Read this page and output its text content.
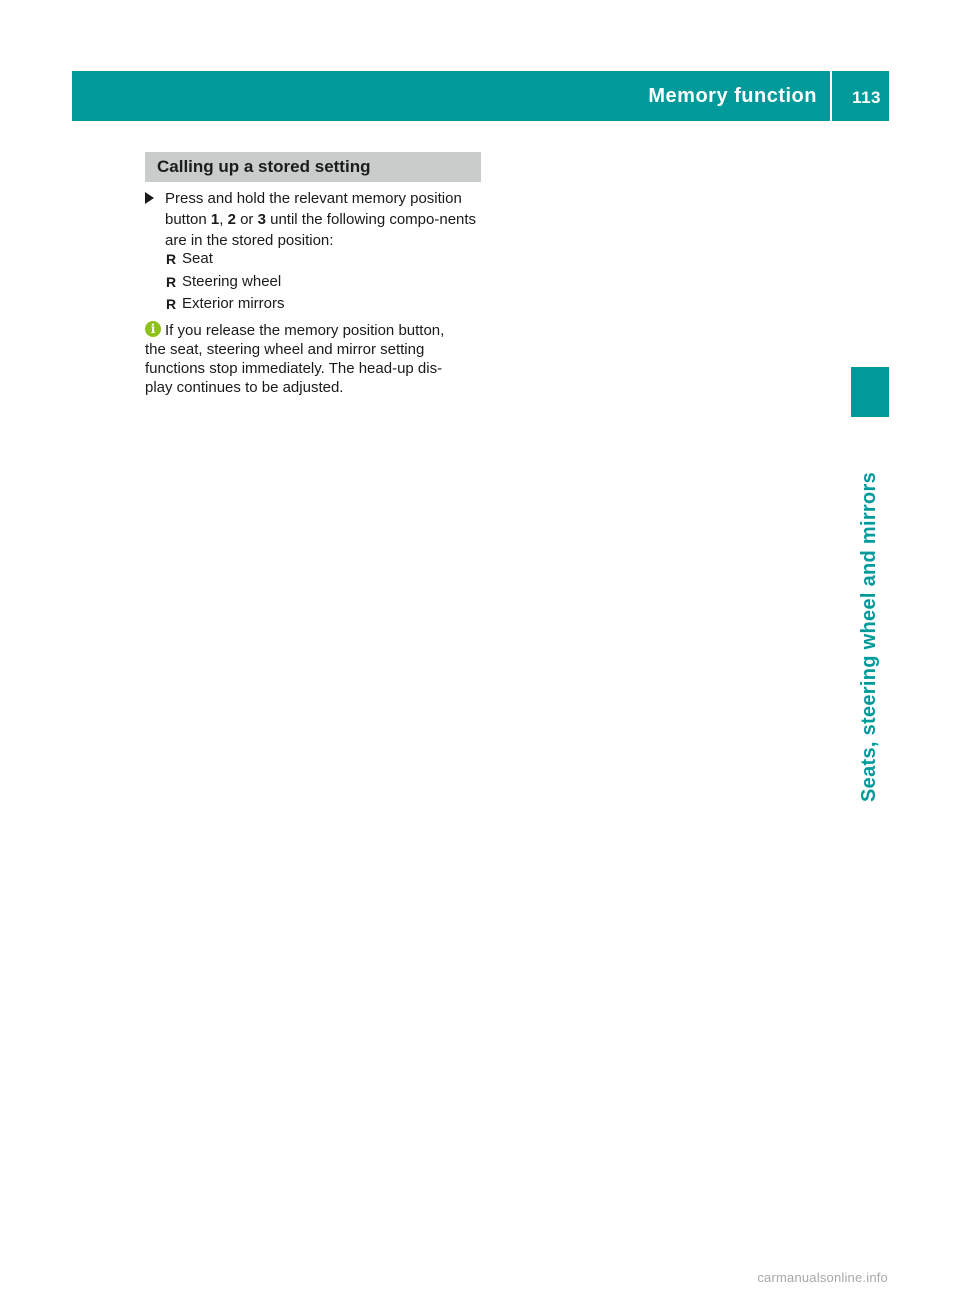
Memory function 113
Calling up a stored setting
Press and hold the relevant memory position button 1, 2 or 3 until the following compo-nents are in the stored position:
R Seat
R Steering wheel
R Exterior mirrors
i If you release the memory position button,
the seat, steering wheel and mirror setting
functions stop immediately. The head-up dis-
play continues to be adjusted.
Seats, steering wheel and mirrors
carmanualsonline.info
